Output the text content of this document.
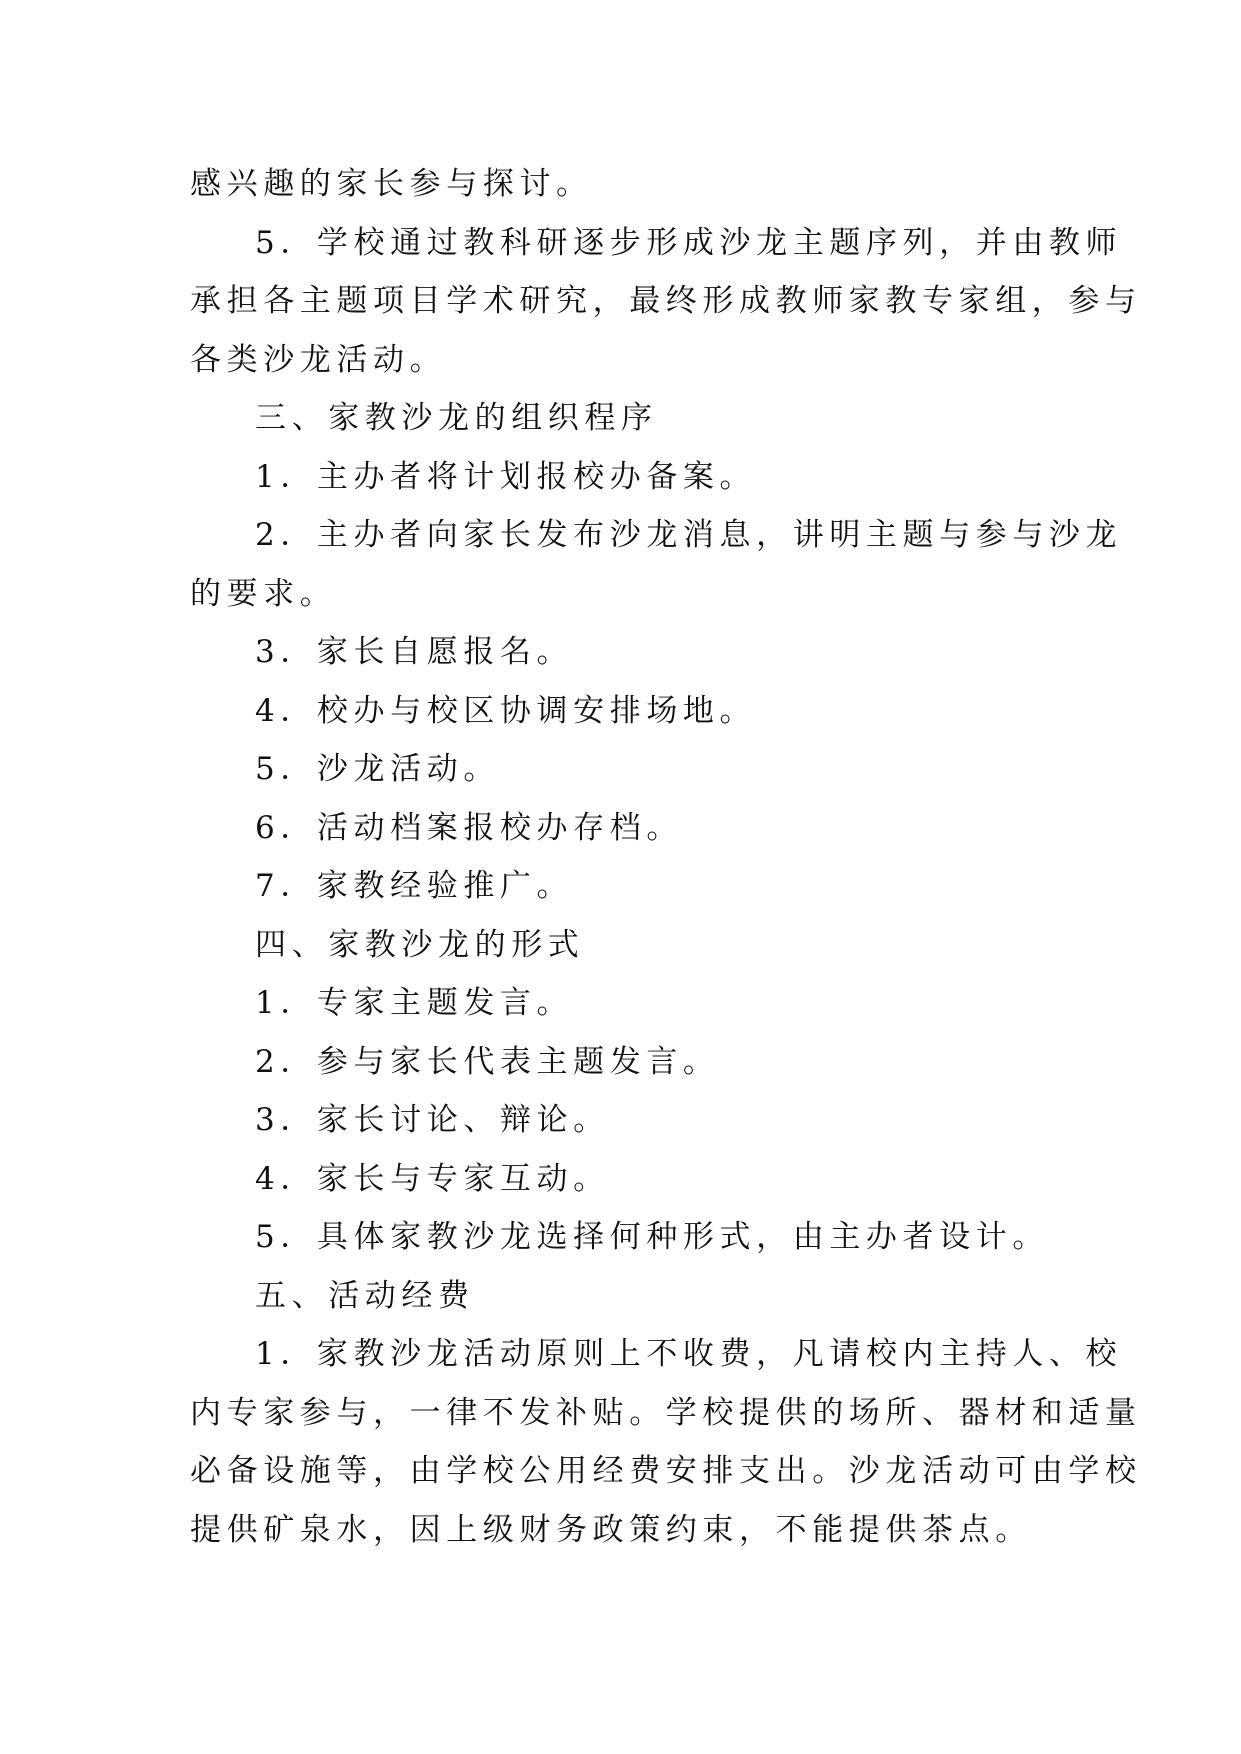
感兴趣的家长参与探讨。
5．学校通过教科研逐步形成沙龙主题序列，并由教师
承担各主题项目学术研究，最终形成教师家教专家组，参与
各类沙龙活动。
三、家教沙龙的组织程序
1．主办者将计划报校办备案。
2．主办者向家长发布沙龙消息，讲明主题与参与沙龙
的要求。
3．家长自愿报名。
4．校办与校区协调安排场地。
5．沙龙活动。
6．活动档案报校办存档。
7．家教经验推广。
四、家教沙龙的形式
1．专家主题发言。
2．参与家长代表主题发言。
3．家长讨论、辩论。
4．家长与专家互动。
5．具体家教沙龙选择何种形式，由主办者设计。
五、活动经费
1．家教沙龙活动原则上不收费，凡请校内主持人、校
内专家参与，一律不发补贴。学校提供的场所、器材和适量
必备设施等，由学校公用经费安排支出。沙龙活动可由学校
提供矿泉水，因上级财务政策约束，不能提供茶点。
